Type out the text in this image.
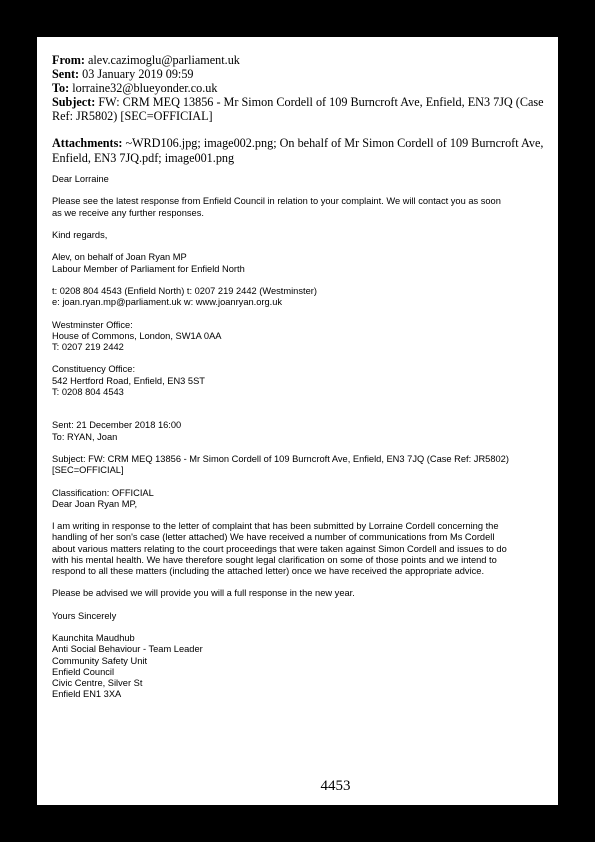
From: alev.cazimoglu@parliament.uk
Sent: 03 January 2019 09:59
To: lorraine32@blueyonder.co.uk
Subject: FW: CRM MEQ 13856 - Mr Simon Cordell of 109 Burncroft Ave, Enfield, EN3 7JQ (Case
Ref: JR5802) [SEC=OFFICIAL]
Attachments: ~WRD106.jpg; image002.png; On behalf of Mr Simon Cordell of 109 Burncroft Ave,
Enfield, EN3 7JQ.pdf; image001.png

Dear Lorraine

Please see the latest response from Enfield Council in relation to your complaint. We will contact you as soon

as we receive any further responses.

Kind regards,

Alev, on behalf of Joan Ryan MP

Labour Member of Parliament for Enfield North

t: 0208 804 4543 (Enfield North) t: 0207 219 2442 (Westminster)

e: joan.ryan.mp@parliament.uk w: www.joanryan.org.uk

Westminster Office:

House of Commons, London, SW1A 0AA

T: 0207 219 2442

Constituency Office:

542 Hertford Road, Enfield, EN3 5ST

T: 0208 804 4543

Sent: 21 December 2018 16:00

To: RYAN, Joan

Subject: FW: CRM MEQ 13856 - Mr Simon Cordell of 109 Burncroft Ave, Enfield, EN3 7JQ (Case Ref: JR5802)

[SEC=OFFICIAL]

Classification: OFFICIAL

Dear Joan Ryan MP,

I am writing in response to the letter of complaint that has been submitted by Lorraine Cordell concerning the

handling of her son's case (letter attached) We have received a number of communications from Ms Cordell

about various matters relating to the court proceedings that were taken against Simon Cordell and issues to do

with his mental health. We have therefore sought legal clarification on some of those points and we intend to

respond to all these matters (including the attached letter) once we have received the appropriate advice.

Please be advised we will provide you will a full response in the new year.

Yours Sincerely

Kaunchita Maudhub

Anti Social Behaviour - Team Leader

Community Safety Unit

Enfield Council

Civic Centre, Silver St

Enfield EN1 3XA

4453
